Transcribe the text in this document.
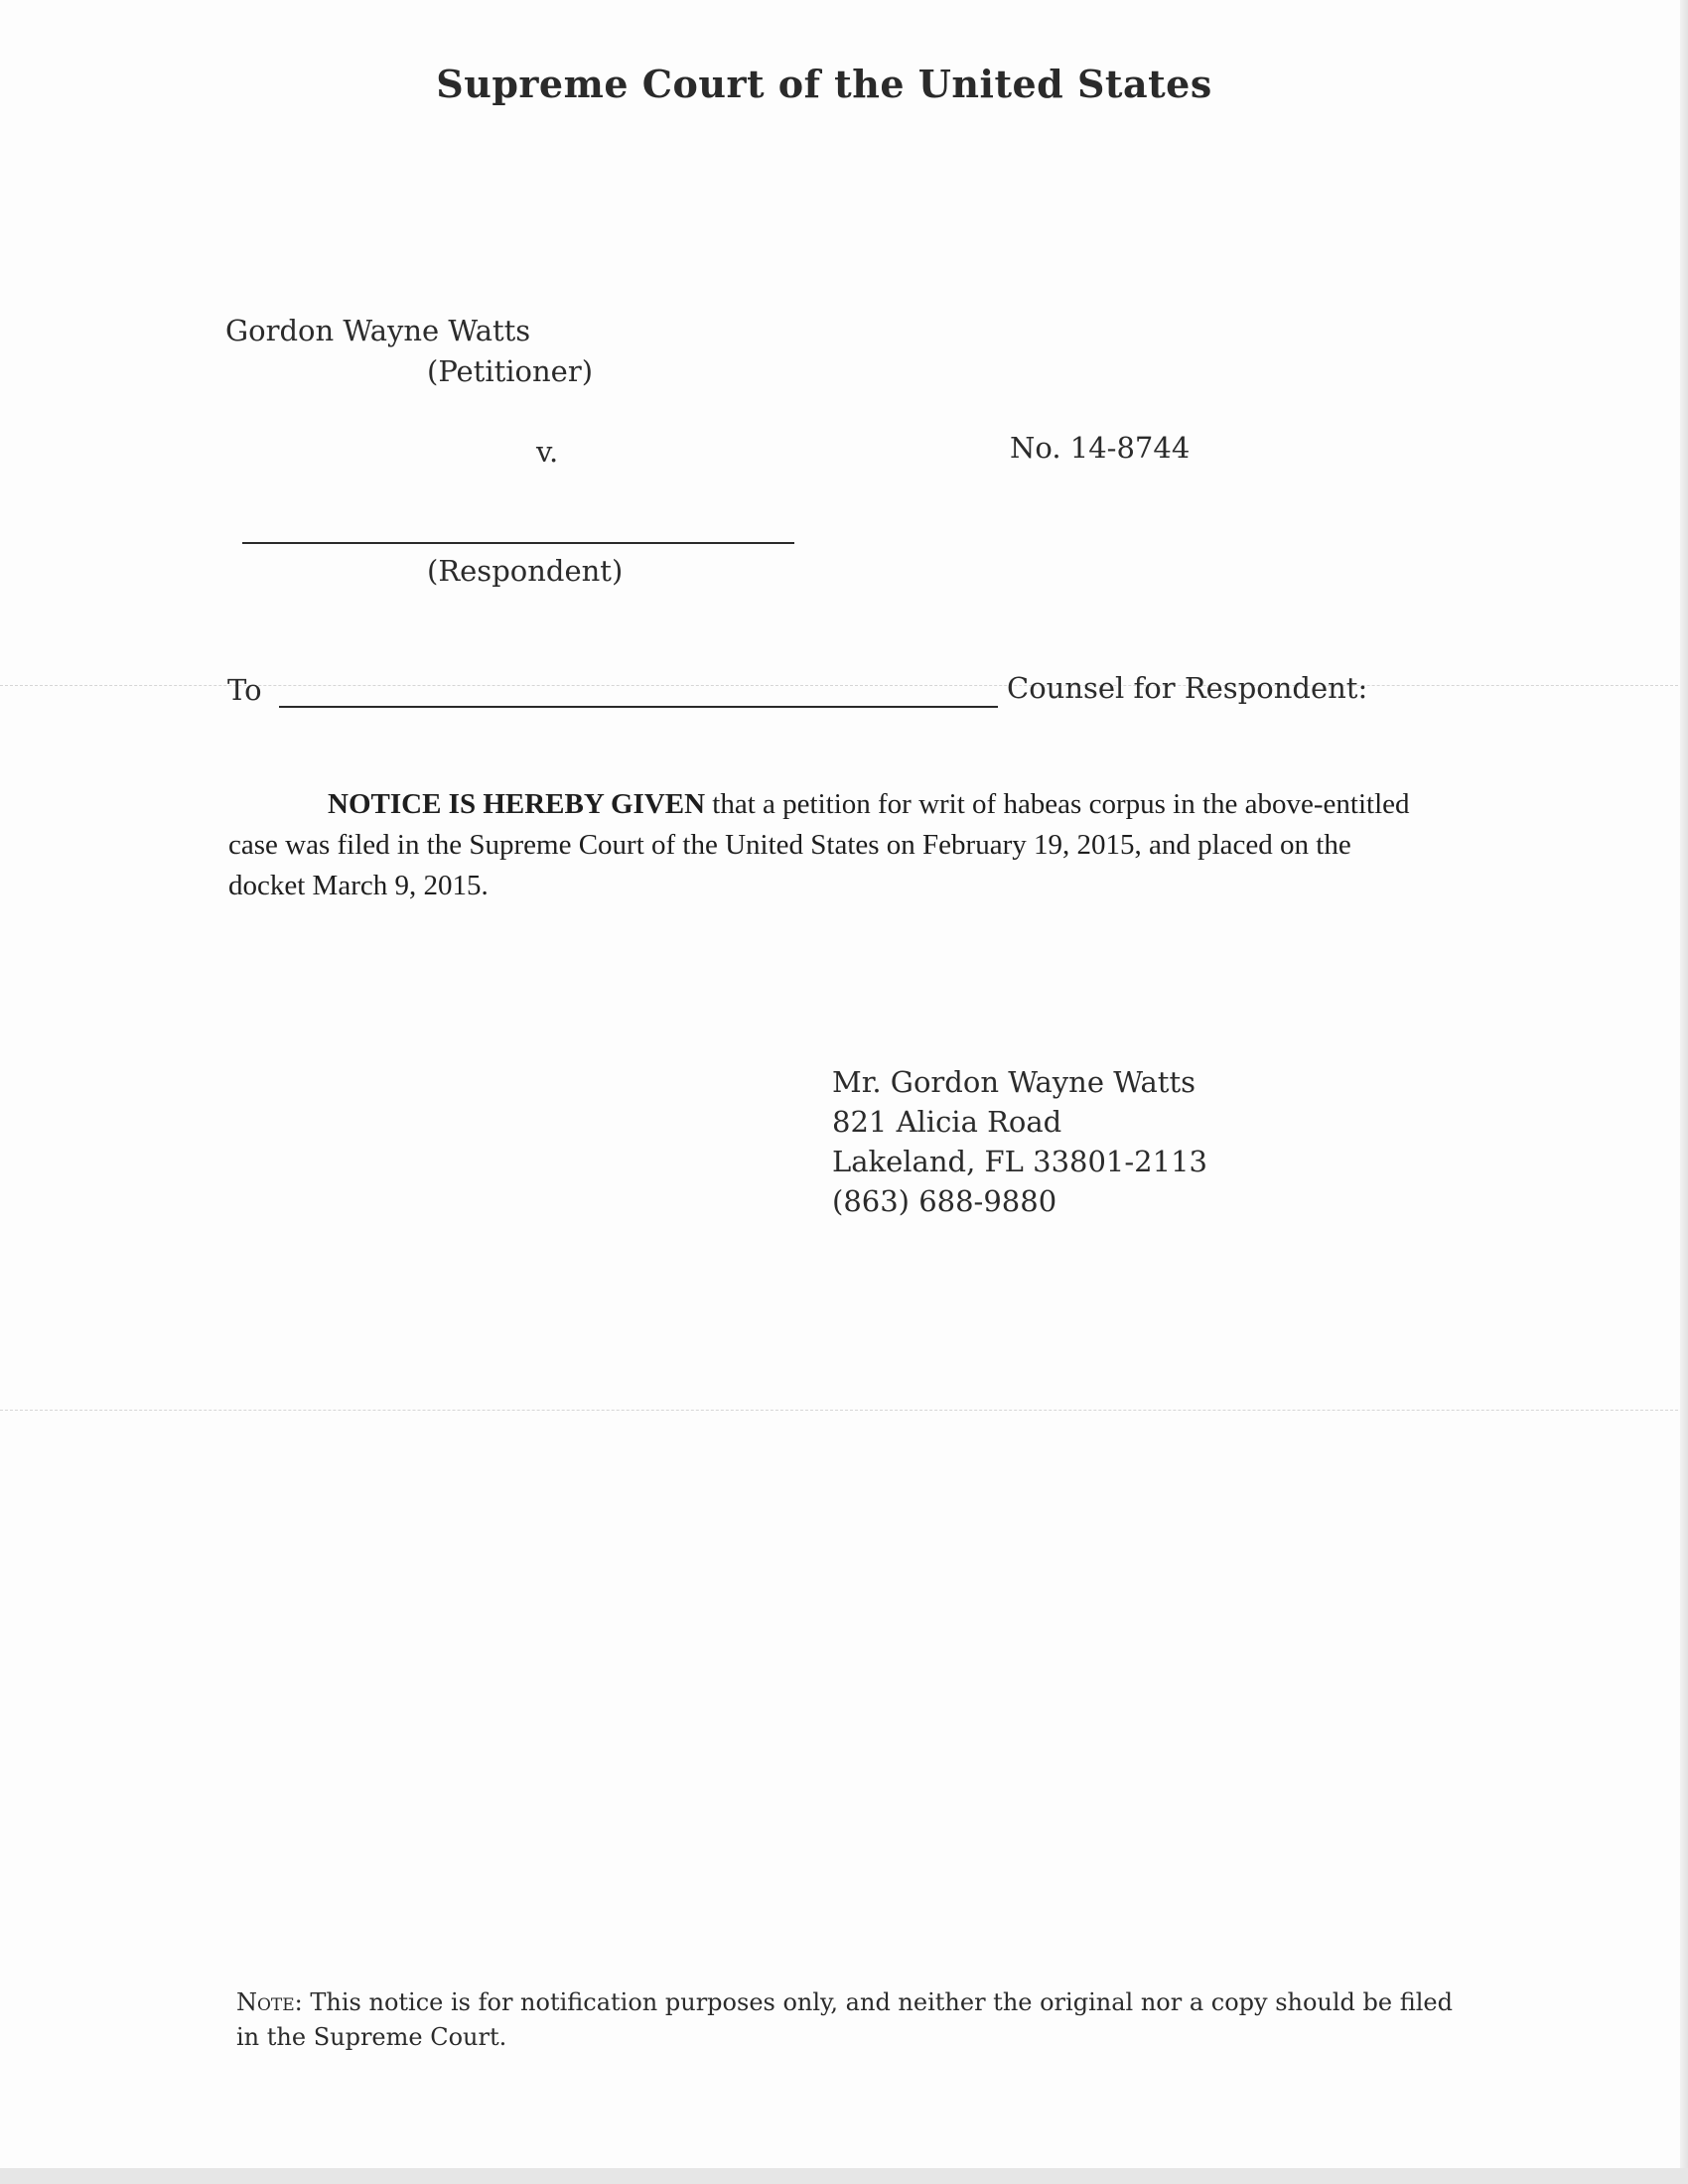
Supreme Court of the United States
Gordon Wayne Watts
(Petitioner)
v.	No. 14-8744
(Respondent)
To	Counsel for Respondent:
NOTICE IS HEREBY GIVEN that a petition for writ of habeas corpus in the above-entitled case was filed in the Supreme Court of the United States on February 19, 2015, and placed on the docket March 9, 2015.
Mr. Gordon Wayne Watts
821 Alicia Road
Lakeland, FL 33801-2113
(863) 688-9880
Note: This notice is for notification purposes only, and neither the original nor a copy should be filed in the Supreme Court.
